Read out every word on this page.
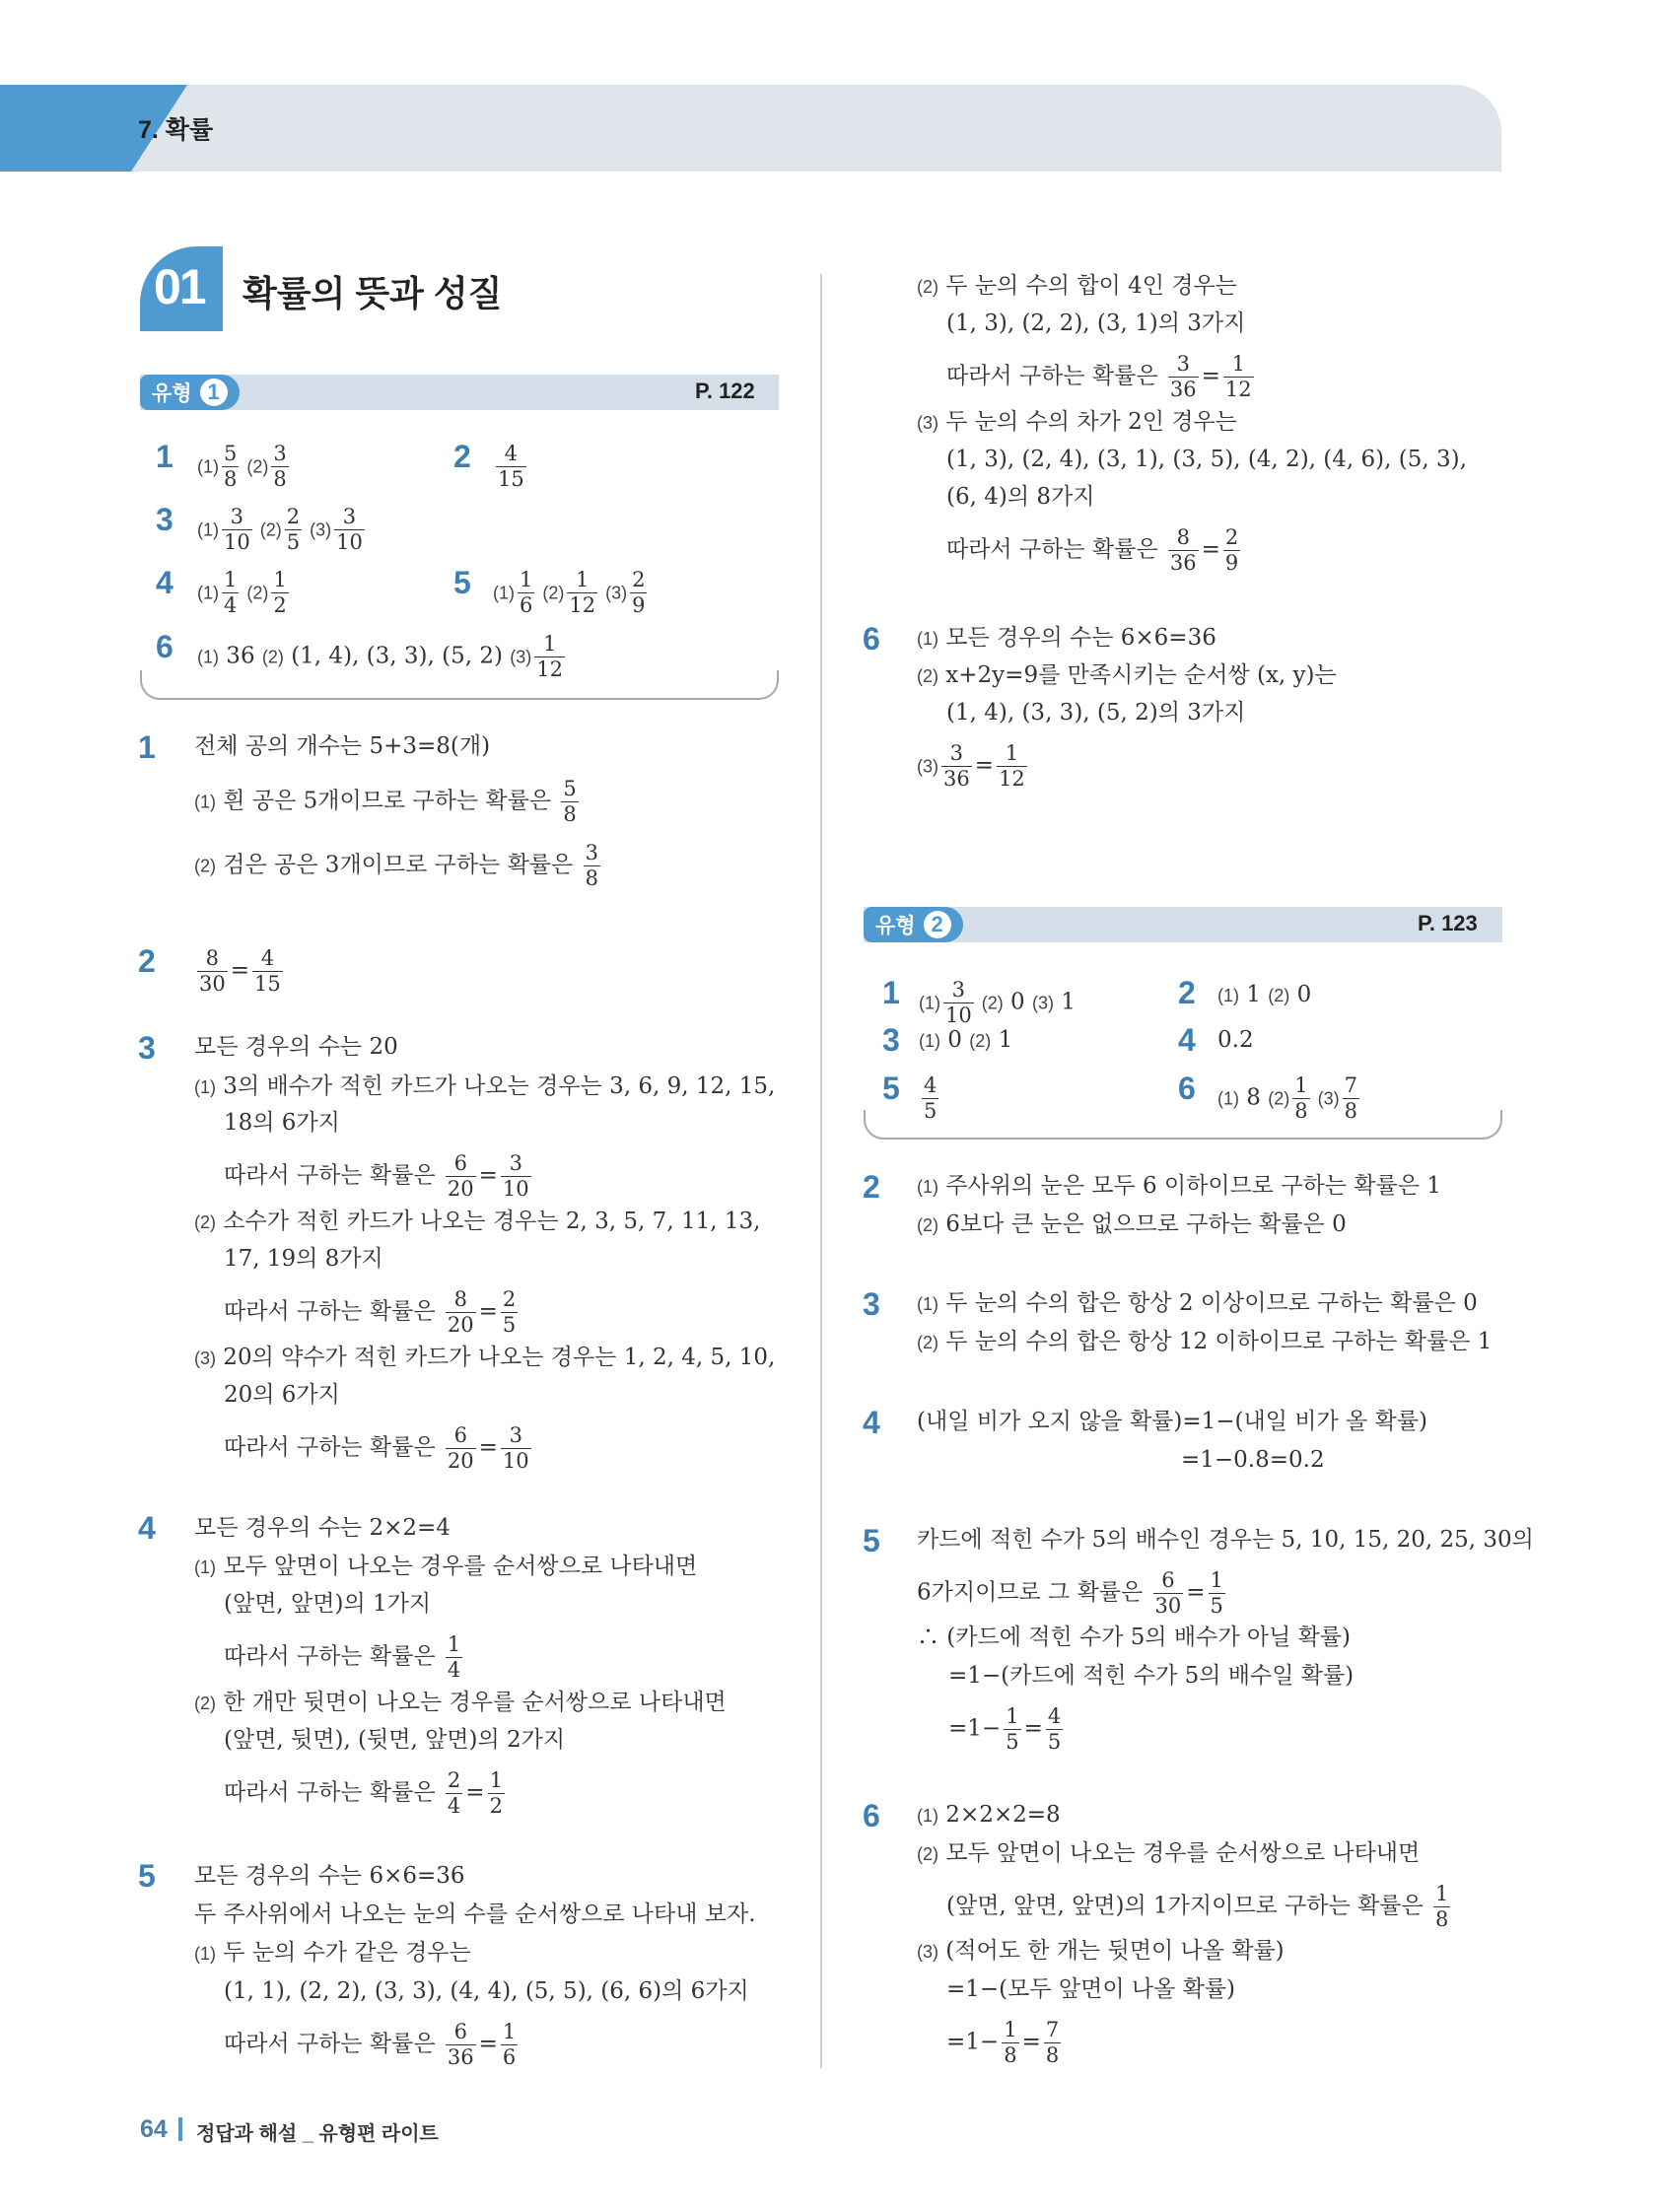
7. 확률
01 확률의 뜻과 성질
유형 1	P. 122
유형 2	P. 123
1 $(1) \frac{5}{8} (2) \frac{3}{8}$	$2 \frac{4}{15}$
3 $(1) \frac{3}{10} (2) \frac{2}{5} (3) \frac{3}{10}$
4 $(1) \frac{1}{4} (2) \frac{1}{2}$	5 $(1) \frac{1}{6} (2) \frac{1}{12} (3) \frac{2}{9}$
6 (1) 36 (2) (1, 4), (3, 3), (5, 2) $(3) \frac{1}{12}$
1 전체 공의 개수는 5+3=8(개)
(1) 흰 공은 5개이므로 구하는 확률은 $\frac{5}{8}$
(2) 검은 공은 3개이므로 구하는 확률은 $\frac{3}{8}$
$2 \frac{8}{30} = \frac{4}{15}$
3 모든 경우의 수는 20
(1) 3의 배수가 적힌 카드가 나오는 경우는 3, 6, 9, 12, 15,
18의 6가지
따라서 구하는 확률은 $\frac{6}{20} = \frac{3}{10}$
(2) 소수가 적힌 카드가 나오는 경우는 2, 3, 5, 7, 11, 13,
17, 19의 8가지
따라서 구하는 확률은 $\frac{8}{20} = \frac{2}{5}$
(3) 20의 약수가 적힌 카드가 나오는 경우는 1, 2, 4, 5, 10,
20의 6가지
따라서 구하는 확률은 $\frac{6}{20} = \frac{3}{10}$
4 모든 경우의 수는 2×2=4
(1) 모두 앞면이 나오는 경우를 순서쌍으로 나타내면
(앞면, 앞면)의 1가지
따라서 구하는 확률은 $\frac{1}{4}$
(2) 한 개만 뒷면이 나오는 경우를 순서쌍으로 나타내면
(앞면, 뒷면), (뒷면, 앞면)의 2가지
따라서 구하는 확률은 $\frac{2}{4} = \frac{1}{2}$
5 모든 경우의 수는 6×6=36
두 주사위에서 나오는 눈의 수를 순서쌍으로 나타내 보자.
(1) 두 눈의 수가 같은 경우는
(1, 1), (2, 2), (3, 3), (4, 4), (5, 5), (6, 6)의 6가지
따라서 구하는 확률은 $\frac{6}{36} = \frac{1}{6}$
(2) 두 눈의 수의 합이 4인 경우는
(1, 3), (2, 2), (3, 1)의 3가지
따라서 구하는 확률은 $\frac{3}{36} = \frac{1}{12}$
(3) 두 눈의 수의 차가 2인 경우는
(1, 3), (2, 4), (3, 1), (3, 5), (4, 2), (4, 6), (5, 3),
(6, 4)의 8가지
따라서 구하는 확률은 $\frac{8}{36} = \frac{2}{9}$
6 (1) 모든 경우의 수는 6×6=36
(2) x+2y=9를 만족시키는 순서쌍 (x, y)는
(1, 4), (3, 3), (5, 2)의 3가지
$(3) \frac{3}{36} = \frac{1}{12}$
1 $(1) \frac{3}{10} (2)$ 0 (3) 1	2 (1) 1 (2) 0
3 (1) 0 (2) 1	4 0.2
$5 \frac{4}{5}$	6 (1) 8 $(2) \frac{1}{8} (3) \frac{7}{8}$
2 (1) 주사위의 눈은 모두 6 이하이므로 구하는 확률은 1
(2) 6보다 큰 눈은 없으므로 구하는 확률은 0
3 (1) 두 눈의 수의 합은 항상 2 이상이므로 구하는 확률은 0
(2) 두 눈의 수의 합은 항상 12 이하이므로 구하는 확률은 1
4 (내일 비가 오지 않을 확률)=1−(내일 비가 올 확률)
=1−0.8=0.2
5 카드에 적힌 수가 5의 배수인 경우는 5, 10, 15, 20, 25, 30의
6가지이므로 그 확률은 $\frac{6}{30} = \frac{1}{5}$
∴ (카드에 적힌 수가 5의 배수가 아닐 확률)
=1−(카드에 적힌 수가 5의 배수일 확률)
$=1- \frac{1}{5} = \frac{4}{5}$
6 (1) 2×2×2=8
(2) 모두 앞면이 나오는 경우를 순서쌍으로 나타내면
(앞면, 앞면, 앞면)의 1가지이므로 구하는 확률은 $\frac{1}{8}$
(3) (적어도 한 개는 뒷면이 나올 확률)
=1−(모두 앞면이 나올 확률)
$=1- \frac{1}{8} = \frac{7}{8}$
64 정답과 해설 _ 유형편 라이트
